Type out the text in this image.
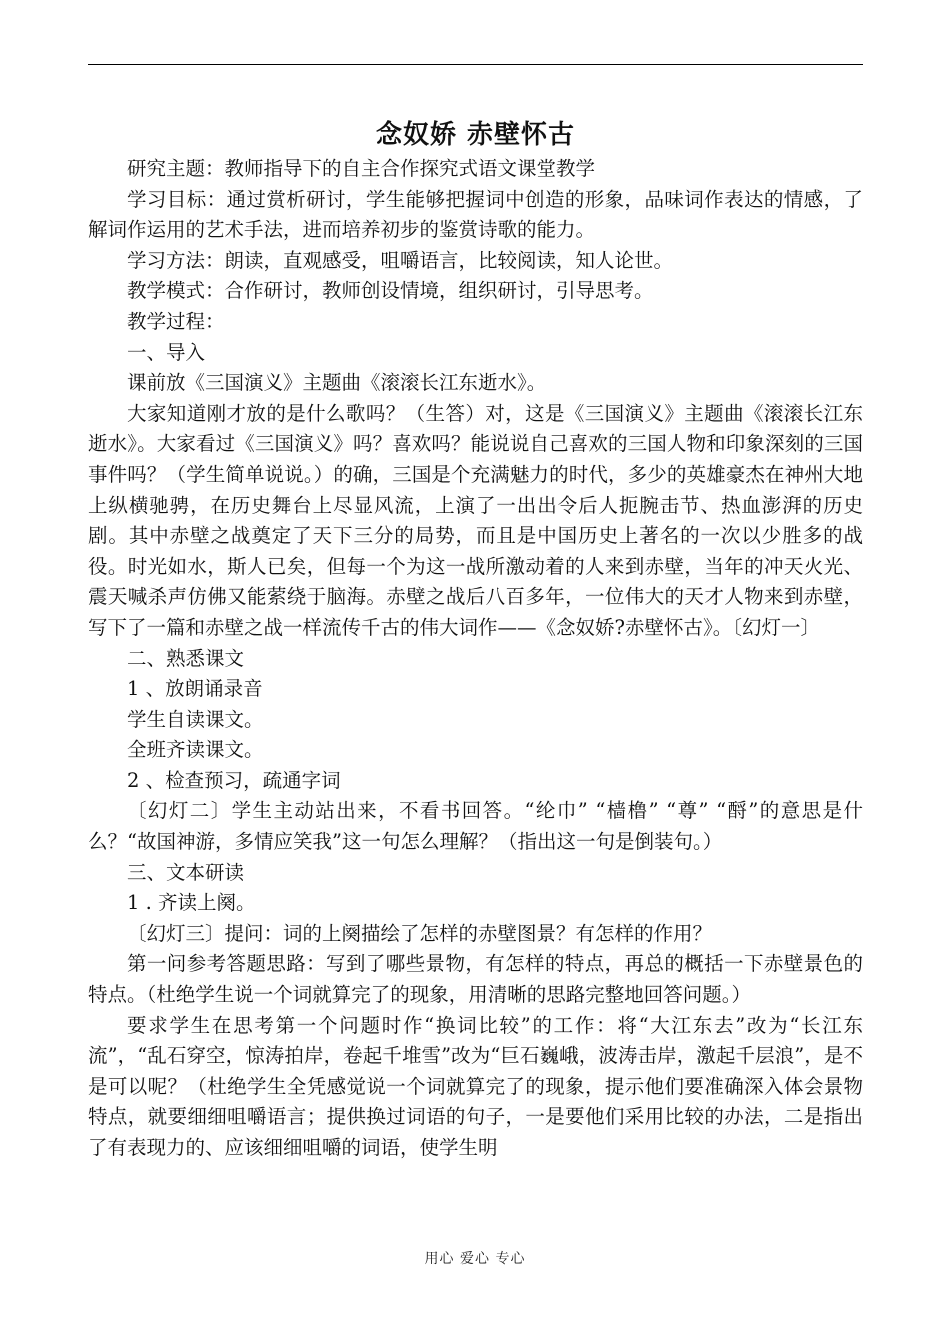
念奴娇 赤壁怀古

研究主题：教师指导下的自主合作探究式语文课堂教学

学习目标：通过赏析研讨，学生能够把握词中创造的形象，品味词作表达的情感，了解词作运用的艺术手法，进而培养初步的鉴赏诗歌的能力。

学习方法：朗读，直观感受，咀嚼语言，比较阅读，知人论世。

教学模式：合作研讨，教师创设情境，组织研讨，引导思考。

教学过程：

一、导入

课前放《三国演义》主题曲《滚滚长江东逝水》。

大家知道刚才放的是什么歌吗？（生答）对，这是《三国演义》主题曲《滚滚长江东逝水》。大家看过《三国演义》吗？喜欢吗？能说说自己喜欢的三国人物和印象深刻的三国事件吗？（学生简单说说。）的确，三国是个充满魅力的时代，多少的英雄豪杰在神州大地上纵横驰骋，在历史舞台上尽显风流，上演了一出出令后人扼腕击节、热血澎湃的历史剧。其中赤壁之战奠定了天下三分的局势，而且是中国历史上著名的一次以少胜多的战役。时光如水，斯人已矣，但每一个为这一战所激动着的人来到赤壁，当年的冲天火光、震天喊杀声仿佛又能萦绕于脑海。赤壁之战后八百多年，一位伟大的天才人物来到赤壁，写下了一篇和赤壁之战一样流传千古的伟大词作——《念奴娇?赤壁怀古》。〔幻灯一〕

二、熟悉课文

1 、放朗诵录音

学生自读课文。

全班齐读课文。

2 、检查预习，疏通字词

〔幻灯二〕学生主动站出来，不看书回答。“纶巾” “樯橹” “尊” “酹”的意思是什么？“故国神游，多情应笑我”这一句怎么理解？（指出这一句是倒装句。）

三、文本研读

1 . 齐读上阕。

〔幻灯三〕提问：词的上阕描绘了怎样的赤壁图景？有怎样的作用？

第一问参考答题思路：写到了哪些景物，有怎样的特点，再总的概括一下赤壁景色的特点。（杜绝学生说一个词就算完了的现象，用清晰的思路完整地回答问题。）

要求学生在思考第一个问题时作“换词比较”的工作：将“大江东去”改为“长江东流”，“乱石穿空，惊涛拍岸，卷起千堆雪”改为“巨石巍峨，波涛击岸，激起千层浪”，是不是可以呢？（杜绝学生全凭感觉说一个词就算完了的现象，提示他们要准确深入体会景物特点，就要细细咀嚼语言；提供换过词语的句子，一是要他们采用比较的办法，二是指出了有表现力的、应该细细咀嚼的词语，使学生明

用心 爱心 专心
